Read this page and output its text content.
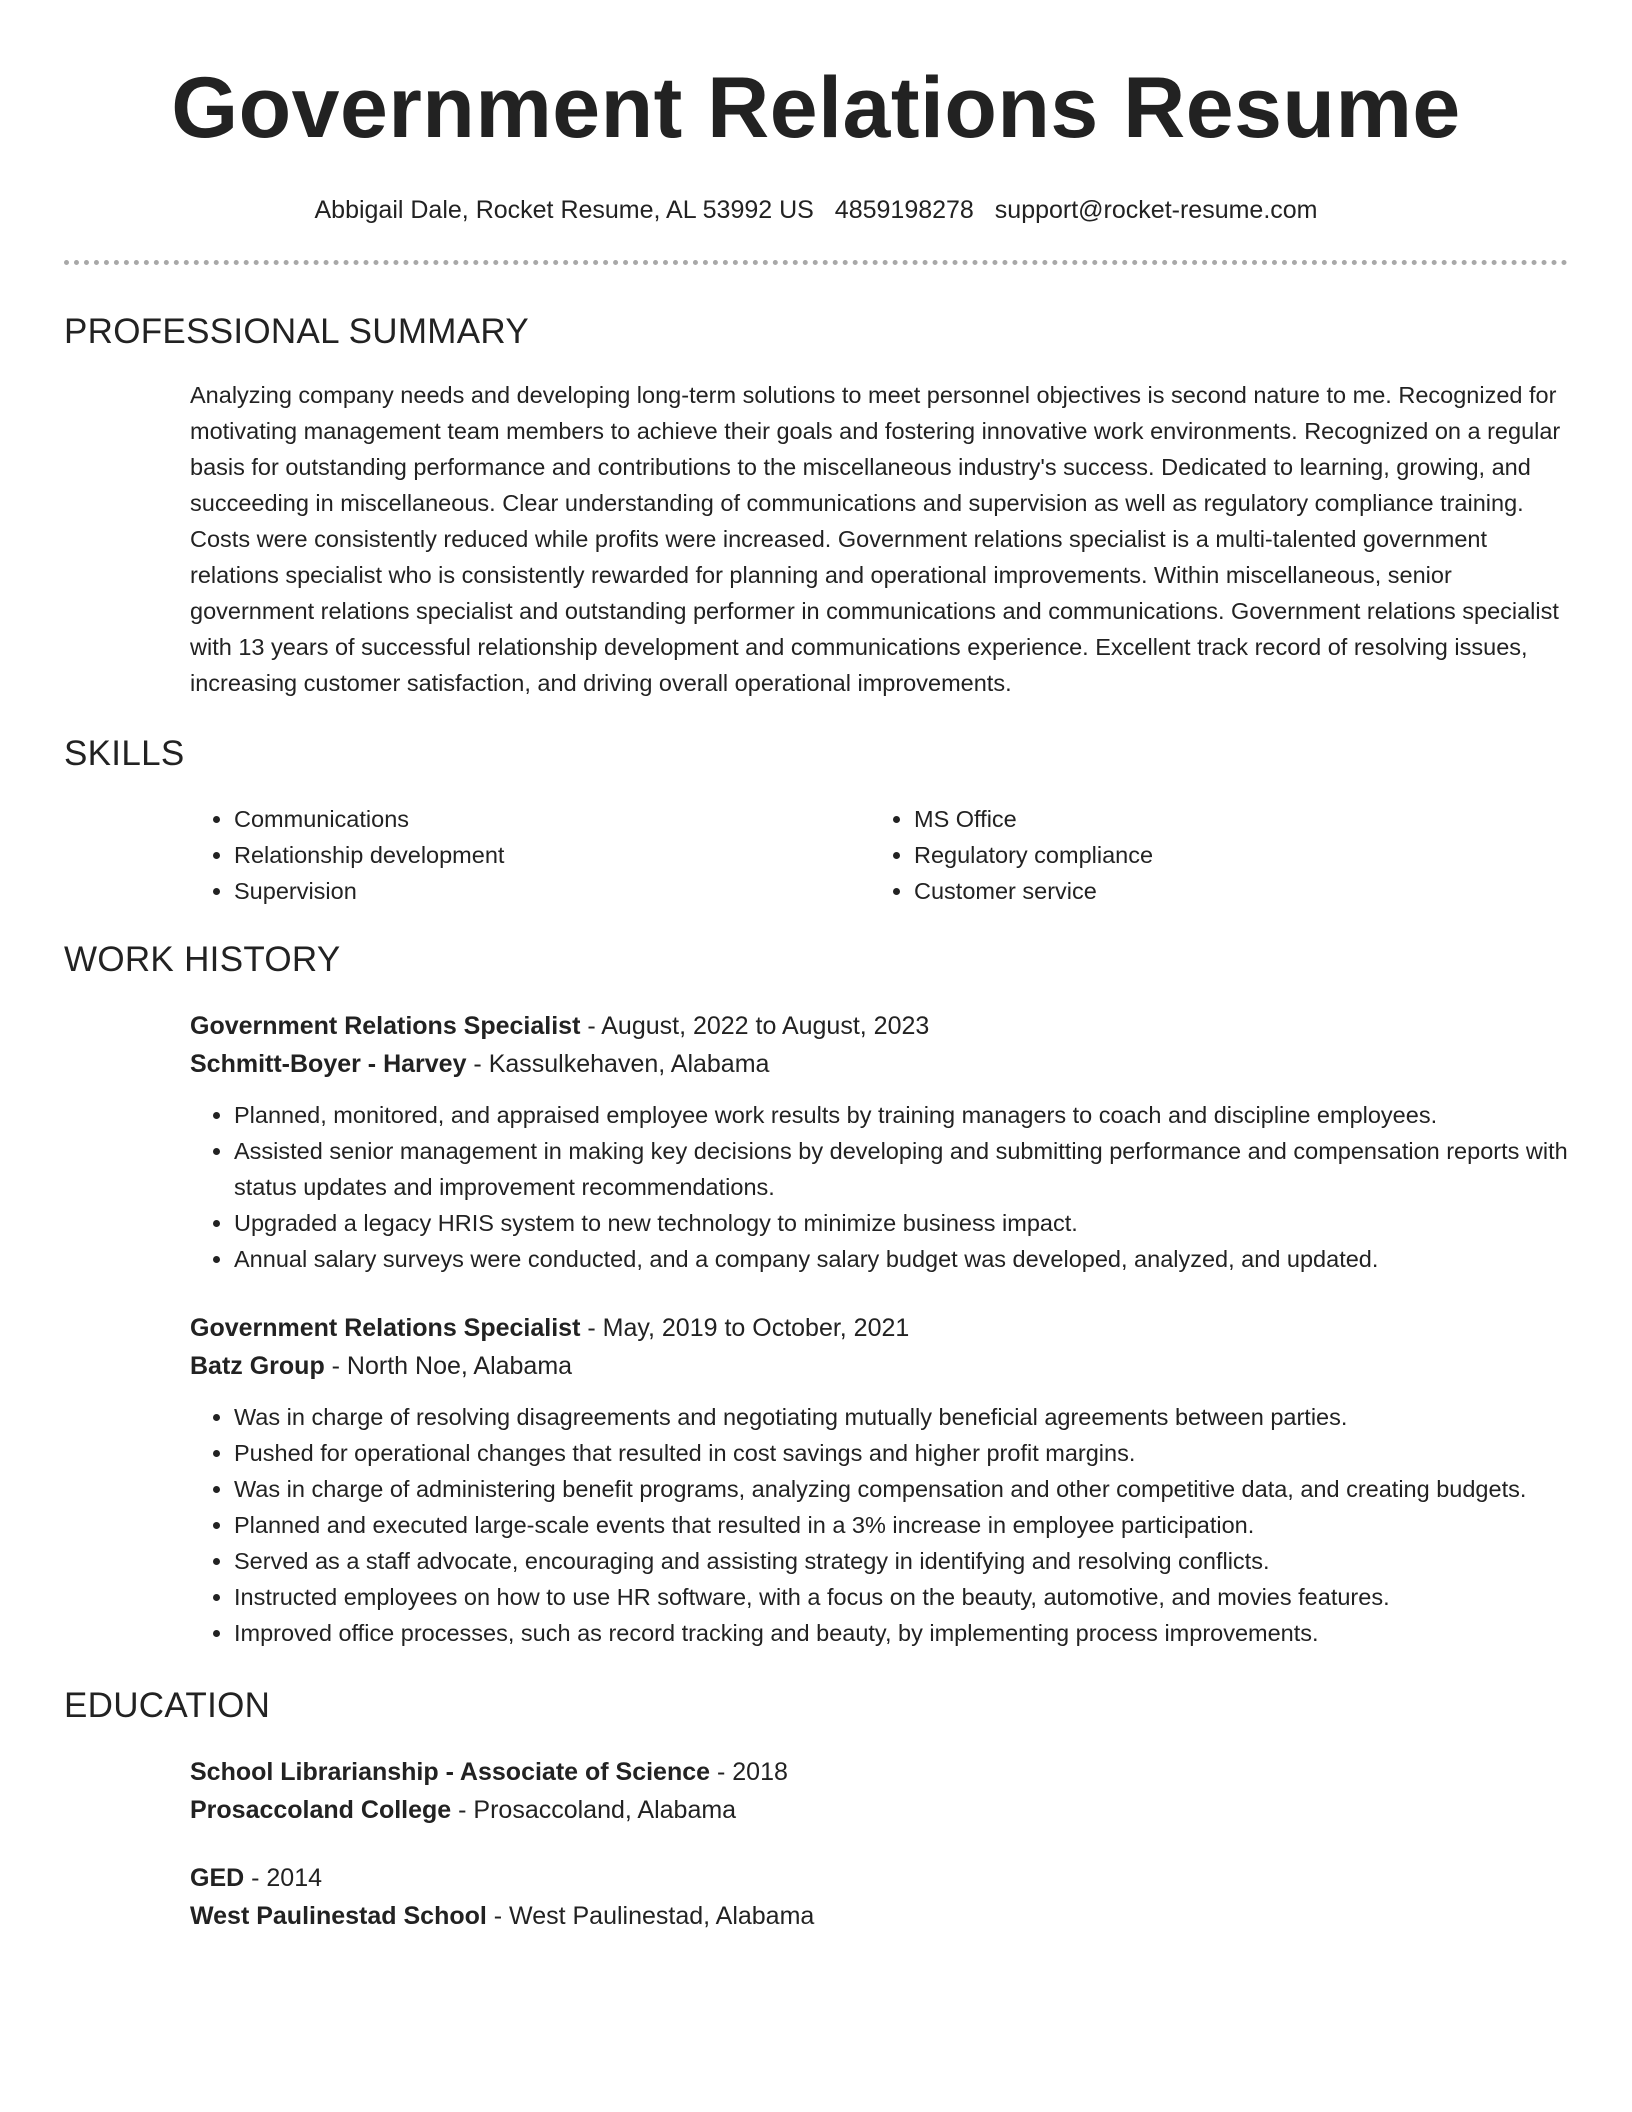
Government Relations Resume
Abbigail Dale, Rocket Resume, AL 53992 US 4859198278 support@rocket-resume.com
PROFESSIONAL SUMMARY

Analyzing company needs and developing long-term solutions to meet personnel objectives is second nature to me. Recognized for motivating management team members to achieve their goals and fostering innovative work environments. Recognized on a regular basis for outstanding performance and contributions to the miscellaneous industry's success. Dedicated to learning, growing, and succeeding in miscellaneous. Clear understanding of communications and supervision as well as regulatory compliance training. Costs were consistently reduced while profits were increased. Government relations specialist is a multi-talented government relations specialist who is consistently rewarded for planning and operational improvements. Within miscellaneous, senior government relations specialist and outstanding performer in communications and communications. Government relations specialist with 13 years of successful relationship development and communications experience. Excellent track record of resolving issues, increasing customer satisfaction, and driving overall operational improvements.

SKILLS
• Communications
• Relationship development
• Supervision
• MS Office
• Regulatory compliance
• Customer service
WORK HISTORY
Government Relations Specialist - August, 2022 to August, 2023
Schmitt-Boyer - Harvey - Kassulkehaven, Alabama
• Planned, monitored, and appraised employee work results by training managers to coach and discipline employees.
• Assisted senior management in making key decisions by developing and submitting performance and compensation reports with status updates and improvement recommendations.
• Upgraded a legacy HRIS system to new technology to minimize business impact.
• Annual salary surveys were conducted, and a company salary budget was developed, analyzed, and updated.
Government Relations Specialist - May, 2019 to October, 2021
Batz Group - North Noe, Alabama
• Was in charge of resolving disagreements and negotiating mutually beneficial agreements between parties.
• Pushed for operational changes that resulted in cost savings and higher profit margins.
• Was in charge of administering benefit programs, analyzing compensation and other competitive data, and creating budgets.
• Planned and executed large-scale events that resulted in a 3% increase in employee participation.
• Served as a staff advocate, encouraging and assisting strategy in identifying and resolving conflicts.
• Instructed employees on how to use HR software, with a focus on the beauty, automotive, and movies features.
• Improved office processes, such as record tracking and beauty, by implementing process improvements.
EDUCATION
School Librarianship - Associate of Science - 2018
Prosaccoland College - Prosaccoland, Alabama
GED - 2014
West Paulinestad School - West Paulinestad, Alabama
